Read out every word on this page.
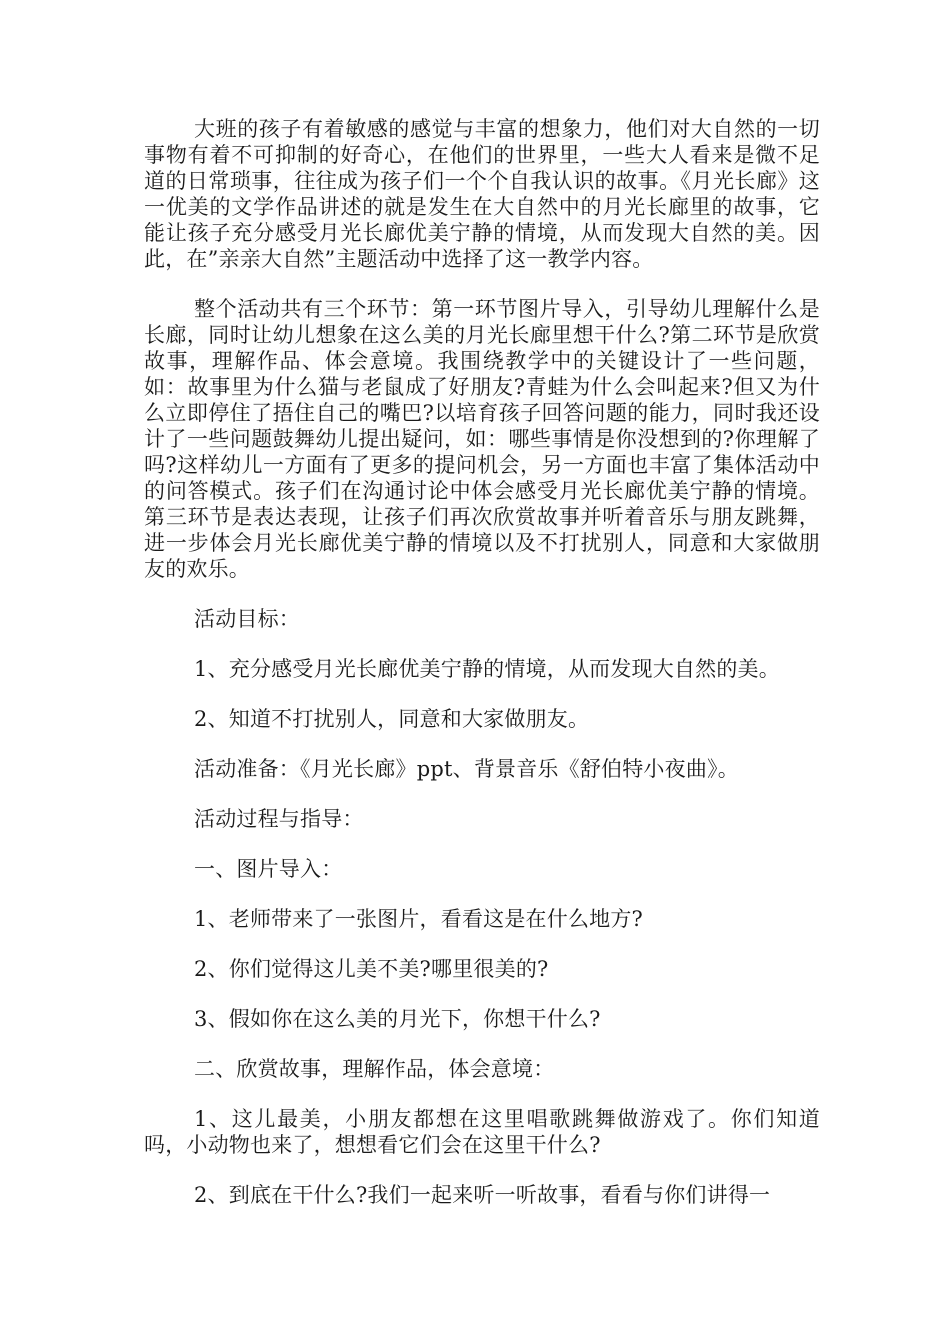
大班的孩子有着敏感的感觉与丰富的想象力，他们对大自然的一切事物有着不可抑制的好奇心，在他们的世界里，一些大人看来是微不足道的日常琐事，往往成为孩子们一个个自我认识的故事。《月光长廊》这一优美的文学作品讲述的就是发生在大自然中的月光长廊里的故事，它能让孩子充分感受月光长廊优美宁静的情境，从而发现大自然的美。因此，在”亲亲大自然”主题活动中选择了这一教学内容。

整个活动共有三个环节：第一环节图片导入，引导幼儿理解什么是长廊，同时让幼儿想象在这么美的月光长廊里想干什么?第二环节是欣赏故事，理解作品、体会意境。我围绕教学中的关键设计了一些问题，如：故事里为什么猫与老鼠成了好朋友?青蛙为什么会叫起来?但又为什么立即停住了捂住自己的嘴巴?以培育孩子回答问题的能力，同时我还设计了一些问题鼓舞幼儿提出疑问，如：哪些事情是你没想到的?你理解了吗?这样幼儿一方面有了更多的提问机会，另一方面也丰富了集体活动中的问答模式。孩子们在沟通讨论中体会感受月光长廊优美宁静的情境。第三环节是表达表现，让孩子们再次欣赏故事并听着音乐与朋友跳舞，进一步体会月光长廊优美宁静的情境以及不打扰别人，同意和大家做朋友的欢乐。

活动目标：

1、充分感受月光长廊优美宁静的情境，从而发现大自然的美。

2、知道不打扰别人，同意和大家做朋友。

活动准备：《月光长廊》ppt、背景音乐《舒伯特小夜曲》。

活动过程与指导：

一、图片导入：

1、老师带来了一张图片，看看这是在什么地方?

2、你们觉得这儿美不美?哪里很美的?

3、假如你在这么美的月光下，你想干什么?

二、欣赏故事，理解作品，体会意境：

1、这儿最美，小朋友都想在这里唱歌跳舞做游戏了。你们知道吗，小动物也来了，想想看它们会在这里干什么?

2、到底在干什么?我们一起来听一听故事，看看与你们讲得一
